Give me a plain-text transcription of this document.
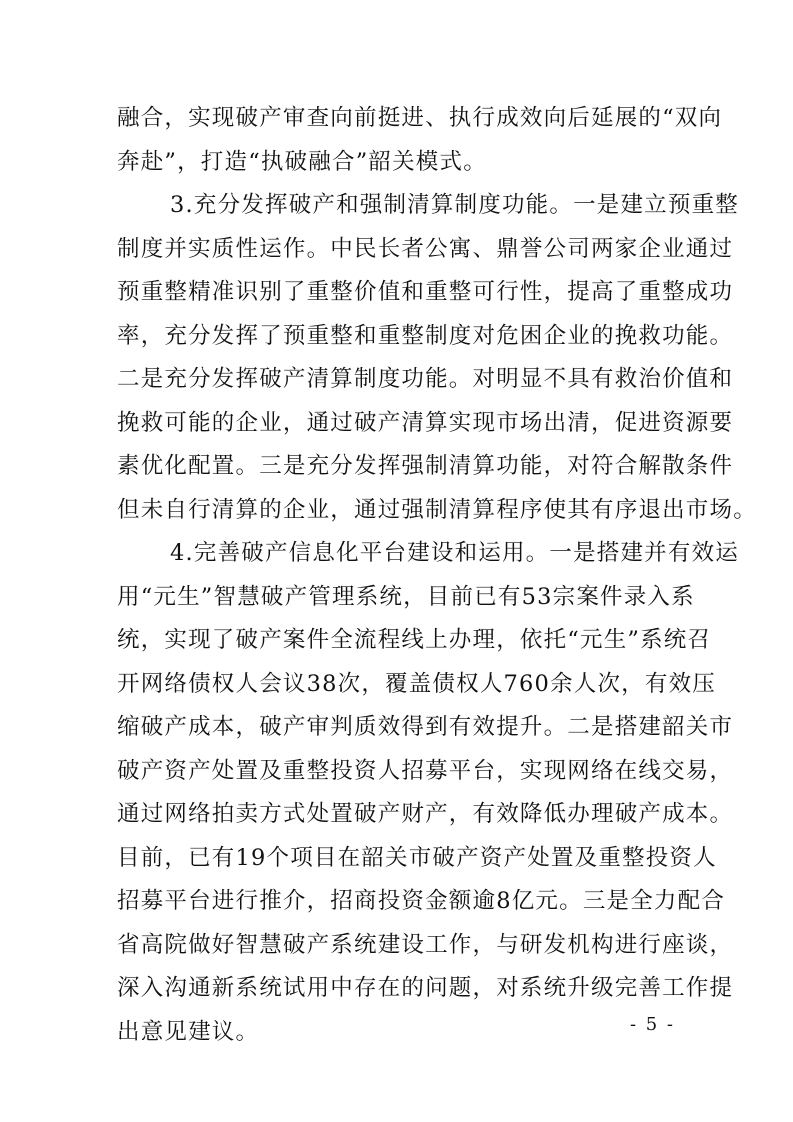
融合，实现破产审查向前挺进、执行成效向后延展的“双向
奔赴”，打造“执破融合”韶关模式。
3.充分发挥破产和强制清算制度功能。一是建立预重整
制度并实质性运作。中民长者公寓、鼎誉公司两家企业通过
预重整精准识别了重整价值和重整可行性，提高了重整成功
率，充分发挥了预重整和重整制度对危困企业的挽救功能。
二是充分发挥破产清算制度功能。对明显不具有救治价值和
挽救可能的企业，通过破产清算实现市场出清，促进资源要
素优化配置。三是充分发挥强制清算功能，对符合解散条件
但未自行清算的企业，通过强制清算程序使其有序退出市场。
4.完善破产信息化平台建设和运用。一是搭建并有效运
用“元生”智慧破产管理系统，目前已有53宗案件录入系
统，实现了破产案件全流程线上办理，依托“元生”系统召
开网络债权人会议38次，覆盖债权人760余人次，有效压
缩破产成本，破产审判质效得到有效提升。二是搭建韶关市
破产资产处置及重整投资人招募平台，实现网络在线交易，
通过网络拍卖方式处置破产财产，有效降低办理破产成本。
目前，已有19个项目在韶关市破产资产处置及重整投资人
招募平台进行推介，招商投资金额逾8亿元。三是全力配合
省高院做好智慧破产系统建设工作，与研发机构进行座谈，
深入沟通新系统试用中存在的问题，对系统升级完善工作提
出意见建议。	- 5 -
